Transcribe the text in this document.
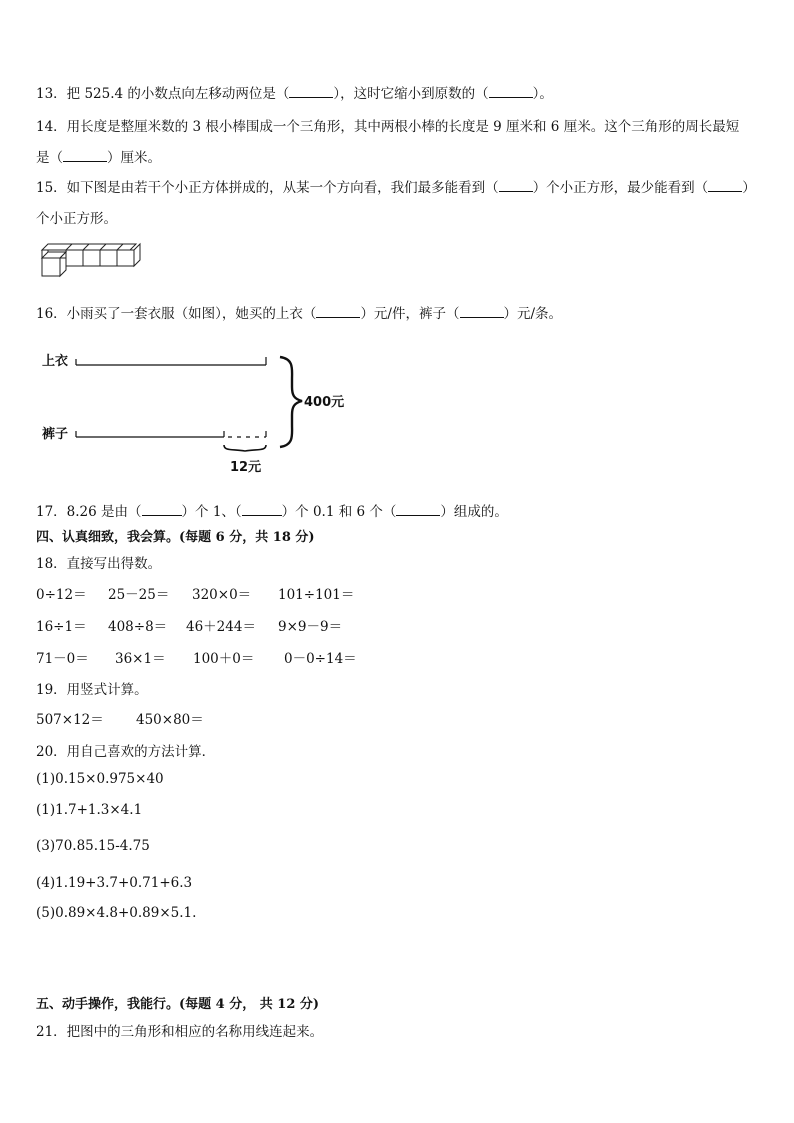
13．把 525.4 的小数点向左移动两位是（	），这时它缩小到原数的（	）。
14．用长度是整厘米数的 3 根小棒围成一个三角形，其中两根小棒的长度是 9 厘米和 6 厘米。这个三角形的周长最短
是（	）厘米。
15．如下图是由若干个小正方体拼成的，从某一个方向看，我们最多能看到（	）个小正方形，最少能看到（	）
个小正方形。
16．小雨买了一套衣服（如图），她买的上衣（	）元/件，裤子（	）元/条。
上衣
裤子
400元
12元
17．8.26 是由（	）个 1、（	）个 0.1 和 6 个（	）组成的。
四、认真细致，我会算。(每题 6 分，共 18 分)
18．直接写出得数。
0÷12＝ 25－25＝ 320×0＝ 101÷101＝
16÷1＝ 408÷8＝ 46＋244＝ 9×9－9＝
71－0＝ 36×1＝ 100＋0＝ 0－0÷14＝
19．用竖式计算。
507×12＝ 450×80＝
20．用自己喜欢的方法计算．
(1)0.15×0.975×40
(1)1.7+1.3×4.1
(3)70.85.15-4.75
(4)1.19+3.7+0.71+6.3
(5)0.89×4.8+0.89×5.1.
五、动手操作，我能行。(每题 4 分， 共 12 分)
21．把图中的三角形和相应的名称用线连起来。
